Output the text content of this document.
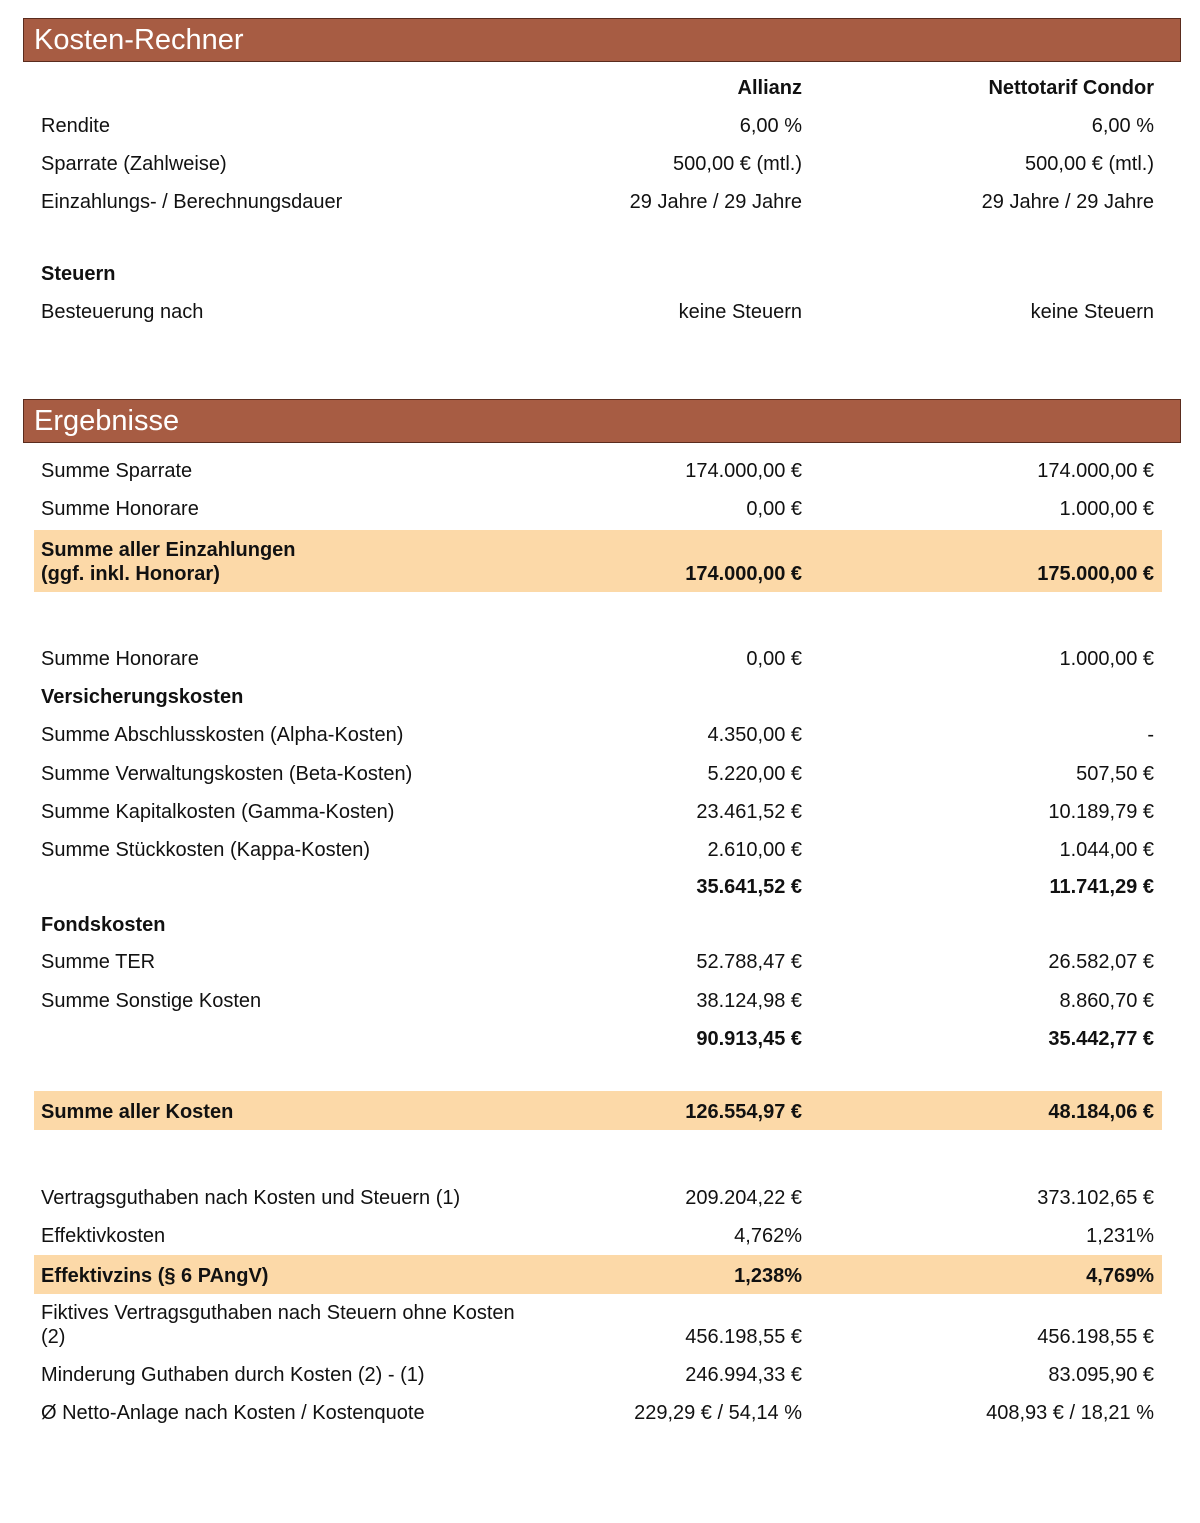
Kosten-Rechner
Allianz	Nettotarif Condor
Rendite	6,00 %	6,00 %
Sparrate (Zahlweise)	500,00 € (mtl.)	500,00 € (mtl.)
Einzahlungs- / Berechnungsdauer	29 Jahre / 29 Jahre	29 Jahre / 29 Jahre
Steuern
Besteuerung nach	keine Steuern	keine Steuern
Ergebnisse
Summe Sparrate	174.000,00 €	174.000,00 €
Summe Honorare	0,00 €	1.000,00 €
Summe aller Einzahlungen
(ggf. inkl. Honorar)	174.000,00 €	175.000,00 €
Summe Honorare	0,00 €	1.000,00 €
Versicherungskosten
Summe Abschlusskosten (Alpha-Kosten)	4.350,00 €	-
Summe Verwaltungskosten (Beta-Kosten)	5.220,00 €	507,50 €
Summe Kapitalkosten (Gamma-Kosten)	23.461,52 €	10.189,79 €
Summe Stückkosten (Kappa-Kosten)	2.610,00 €	1.044,00 €
35.641,52 €	11.741,29 €
Fondskosten
Summe TER	52.788,47 €	26.582,07 €
Summe Sonstige Kosten	38.124,98 €	8.860,70 €
90.913,45 €	35.442,77 €
Summe aller Kosten	126.554,97 €	48.184,06 €
Vertragsguthaben nach Kosten und Steuern (1)	209.204,22 €	373.102,65 €
Effektivkosten	4,762%	1,231%
Effektivzins (§ 6 PAngV)	1,238%	4,769%
Fiktives Vertragsguthaben nach Steuern ohne Kosten
(2)	456.198,55 €	456.198,55 €
Minderung Guthaben durch Kosten (2) - (1)	246.994,33 €	83.095,90 €
Ø Netto-Anlage nach Kosten / Kostenquote	229,29 € / 54,14 %	408,93 € / 18,21 %
